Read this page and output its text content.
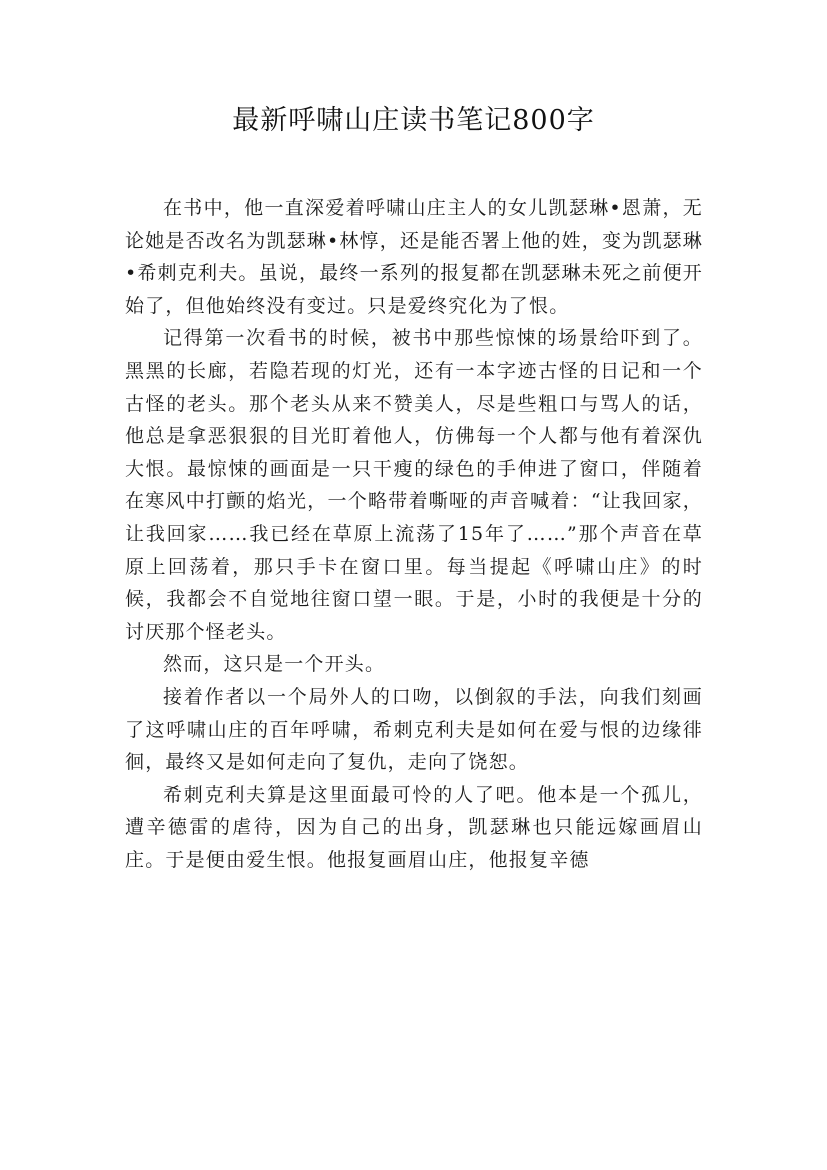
最新呼啸山庄读书笔记800字

在书中，他一直深爱着呼啸山庄主人的女儿凯瑟琳•恩萧，无论她是否改名为凯瑟琳•林惇，还是能否署上他的姓，变为凯瑟琳•希刺克利夫。虽说，最终一系列的报复都在凯瑟琳未死之前便开始了，但他始终没有变过。只是爱终究化为了恨。

记得第一次看书的时候，被书中那些惊悚的场景给吓到了。黑黑的长廊，若隐若现的灯光，还有一本字迹古怪的日记和一个古怪的老头。那个老头从来不赞美人，尽是些粗口与骂人的话，他总是拿恶狠狠的目光盯着他人，仿佛每一个人都与他有着深仇大恨。最惊悚的画面是一只干瘦的绿色的手伸进了窗口，伴随着在寒风中打颤的焰光，一个略带着嘶哑的声音喊着：“让我回家，让我回家……我已经在草原上流荡了15年了……”那个声音在草原上回荡着，那只手卡在窗口里。每当提起《呼啸山庄》的时候，我都会不自觉地往窗口望一眼。于是，小时的我便是十分的讨厌那个怪老头。

然而，这只是一个开头。

接着作者以一个局外人的口吻，以倒叙的手法，向我们刻画了这呼啸山庄的百年呼啸，希刺克利夫是如何在爱与恨的边缘徘徊，最终又是如何走向了复仇，走向了饶恕。

希刺克利夫算是这里面最可怜的人了吧。他本是一个孤儿，遭辛德雷的虐待，因为自己的出身，凯瑟琳也只能远嫁画眉山庄。于是便由爱生恨。他报复画眉山庄，他报复辛德
